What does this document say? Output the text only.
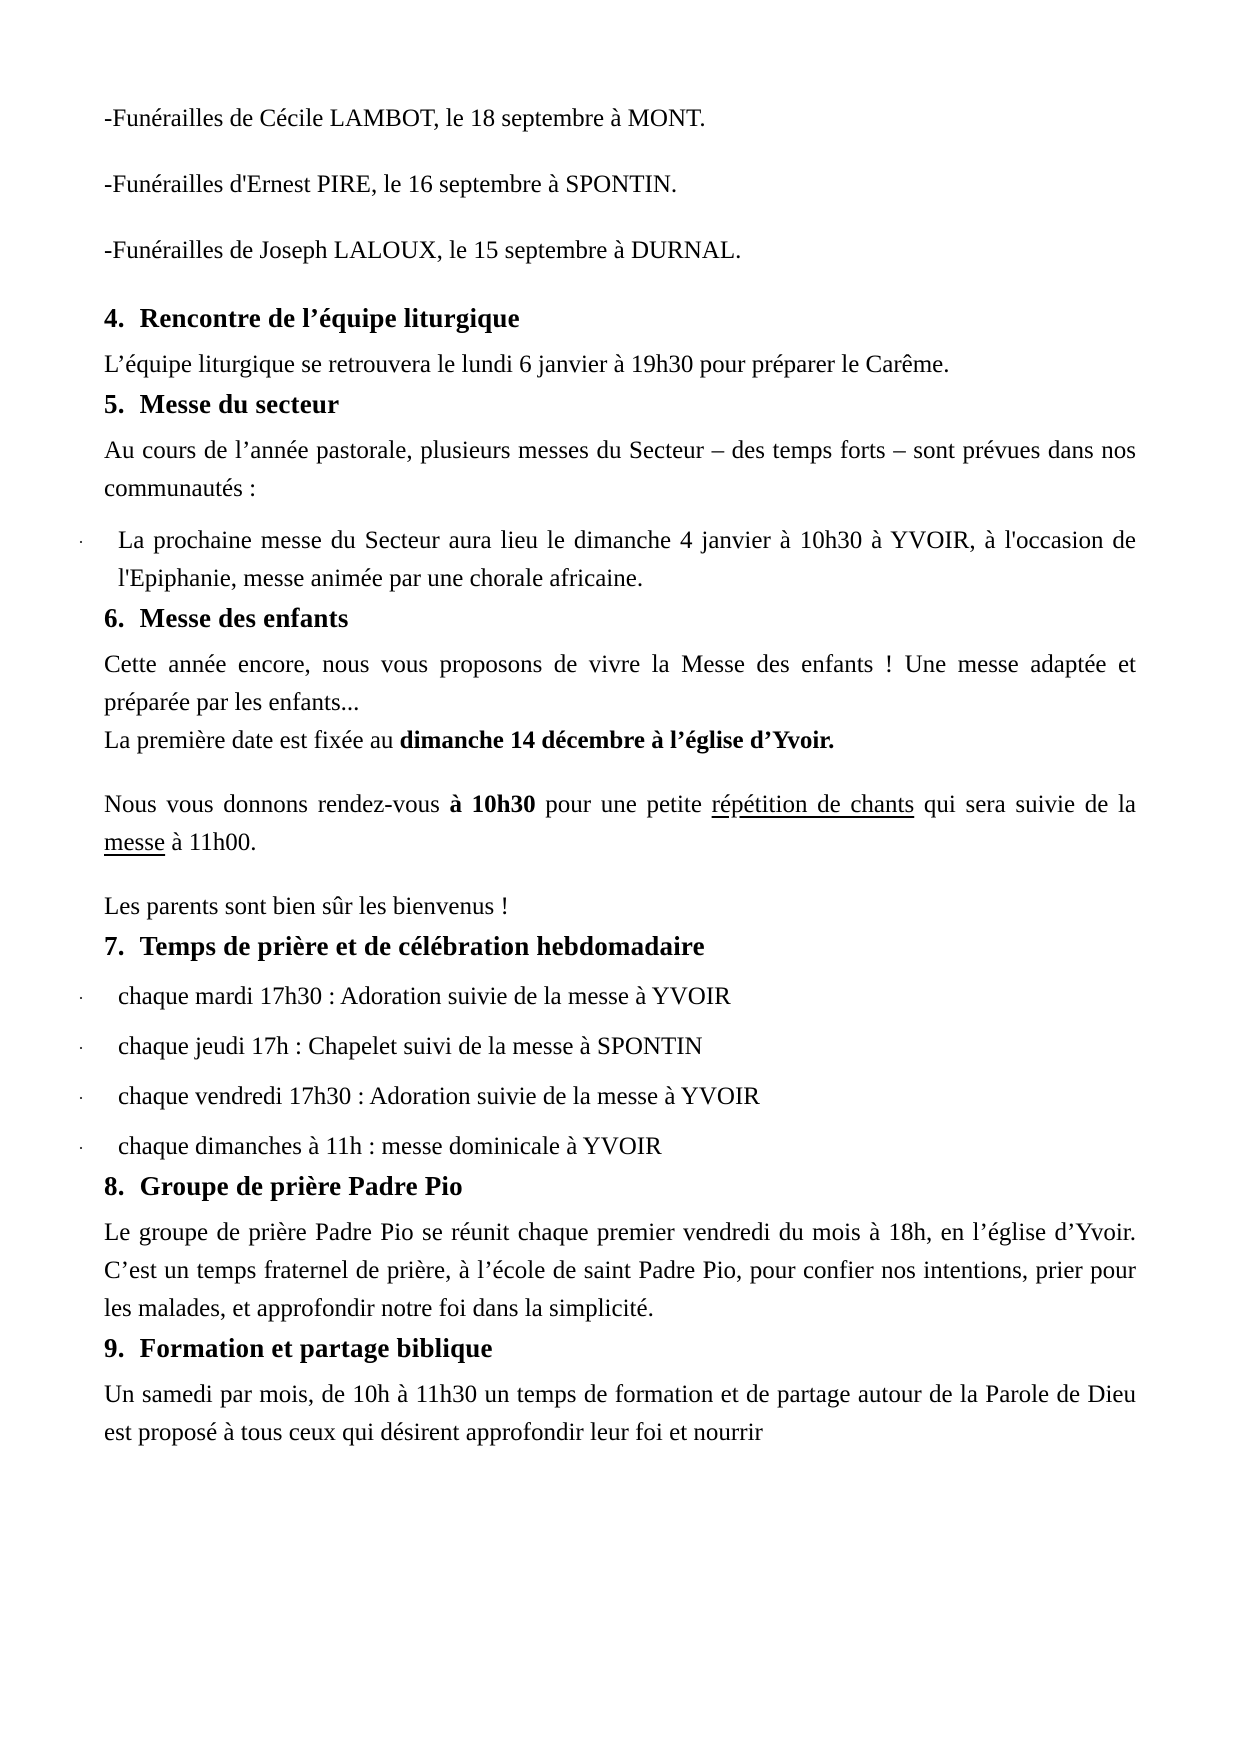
-Funérailles de Cécile LAMBOT, le 18 septembre à MONT.

-Funérailles d'Ernest PIRE, le 16 septembre à SPONTIN.

-Funérailles de Joseph LALOUX, le 15 septembre à DURNAL.

4. Rencontre de l’équipe liturgique

L’équipe liturgique se retrouvera le lundi 6 janvier à 19h30 pour préparer le Carême.

5. Messe du secteur

Au cours de l’année pastorale, plusieurs messes du Secteur – des temps forts – sont prévues dans nos communautés :

· La prochaine messe du Secteur aura lieu le dimanche 4 janvier à 10h30 à YVOIR, à l'occasion de l'Epiphanie, messe animée par une chorale africaine.

6. Messe des enfants

Cette année encore, nous vous proposons de vivre la Messe des enfants ! Une messe adaptée et préparée par les enfants...
La première date est fixée au dimanche 14 décembre à l’église d’Yvoir.

Nous vous donnons rendez-vous à 10h30 pour une petite répétition de chants qui sera suivie de la messe à 11h00.

Les parents sont bien sûr les bienvenus !

7. Temps de prière et de célébration hebdomadaire
· chaque mardi 17h30 : Adoration suivie de la messe à YVOIR

· chaque jeudi 17h : Chapelet suivi de la messe à SPONTIN

· chaque vendredi 17h30 : Adoration suivie de la messe à YVOIR

· chaque dimanches à 11h : messe dominicale à YVOIR

8. Groupe de prière Padre Pio

Le groupe de prière Padre Pio se réunit chaque premier vendredi du mois à 18h, en l’église d’Yvoir. C’est un temps fraternel de prière, à l’école de saint Padre Pio, pour confier nos intentions, prier pour les malades, et approfondir notre foi dans la simplicité.

9. Formation et partage biblique

Un samedi par mois, de 10h à 11h30 un temps de formation et de partage autour de la Parole de Dieu est proposé à tous ceux qui désirent approfondir leur foi et nourrir
